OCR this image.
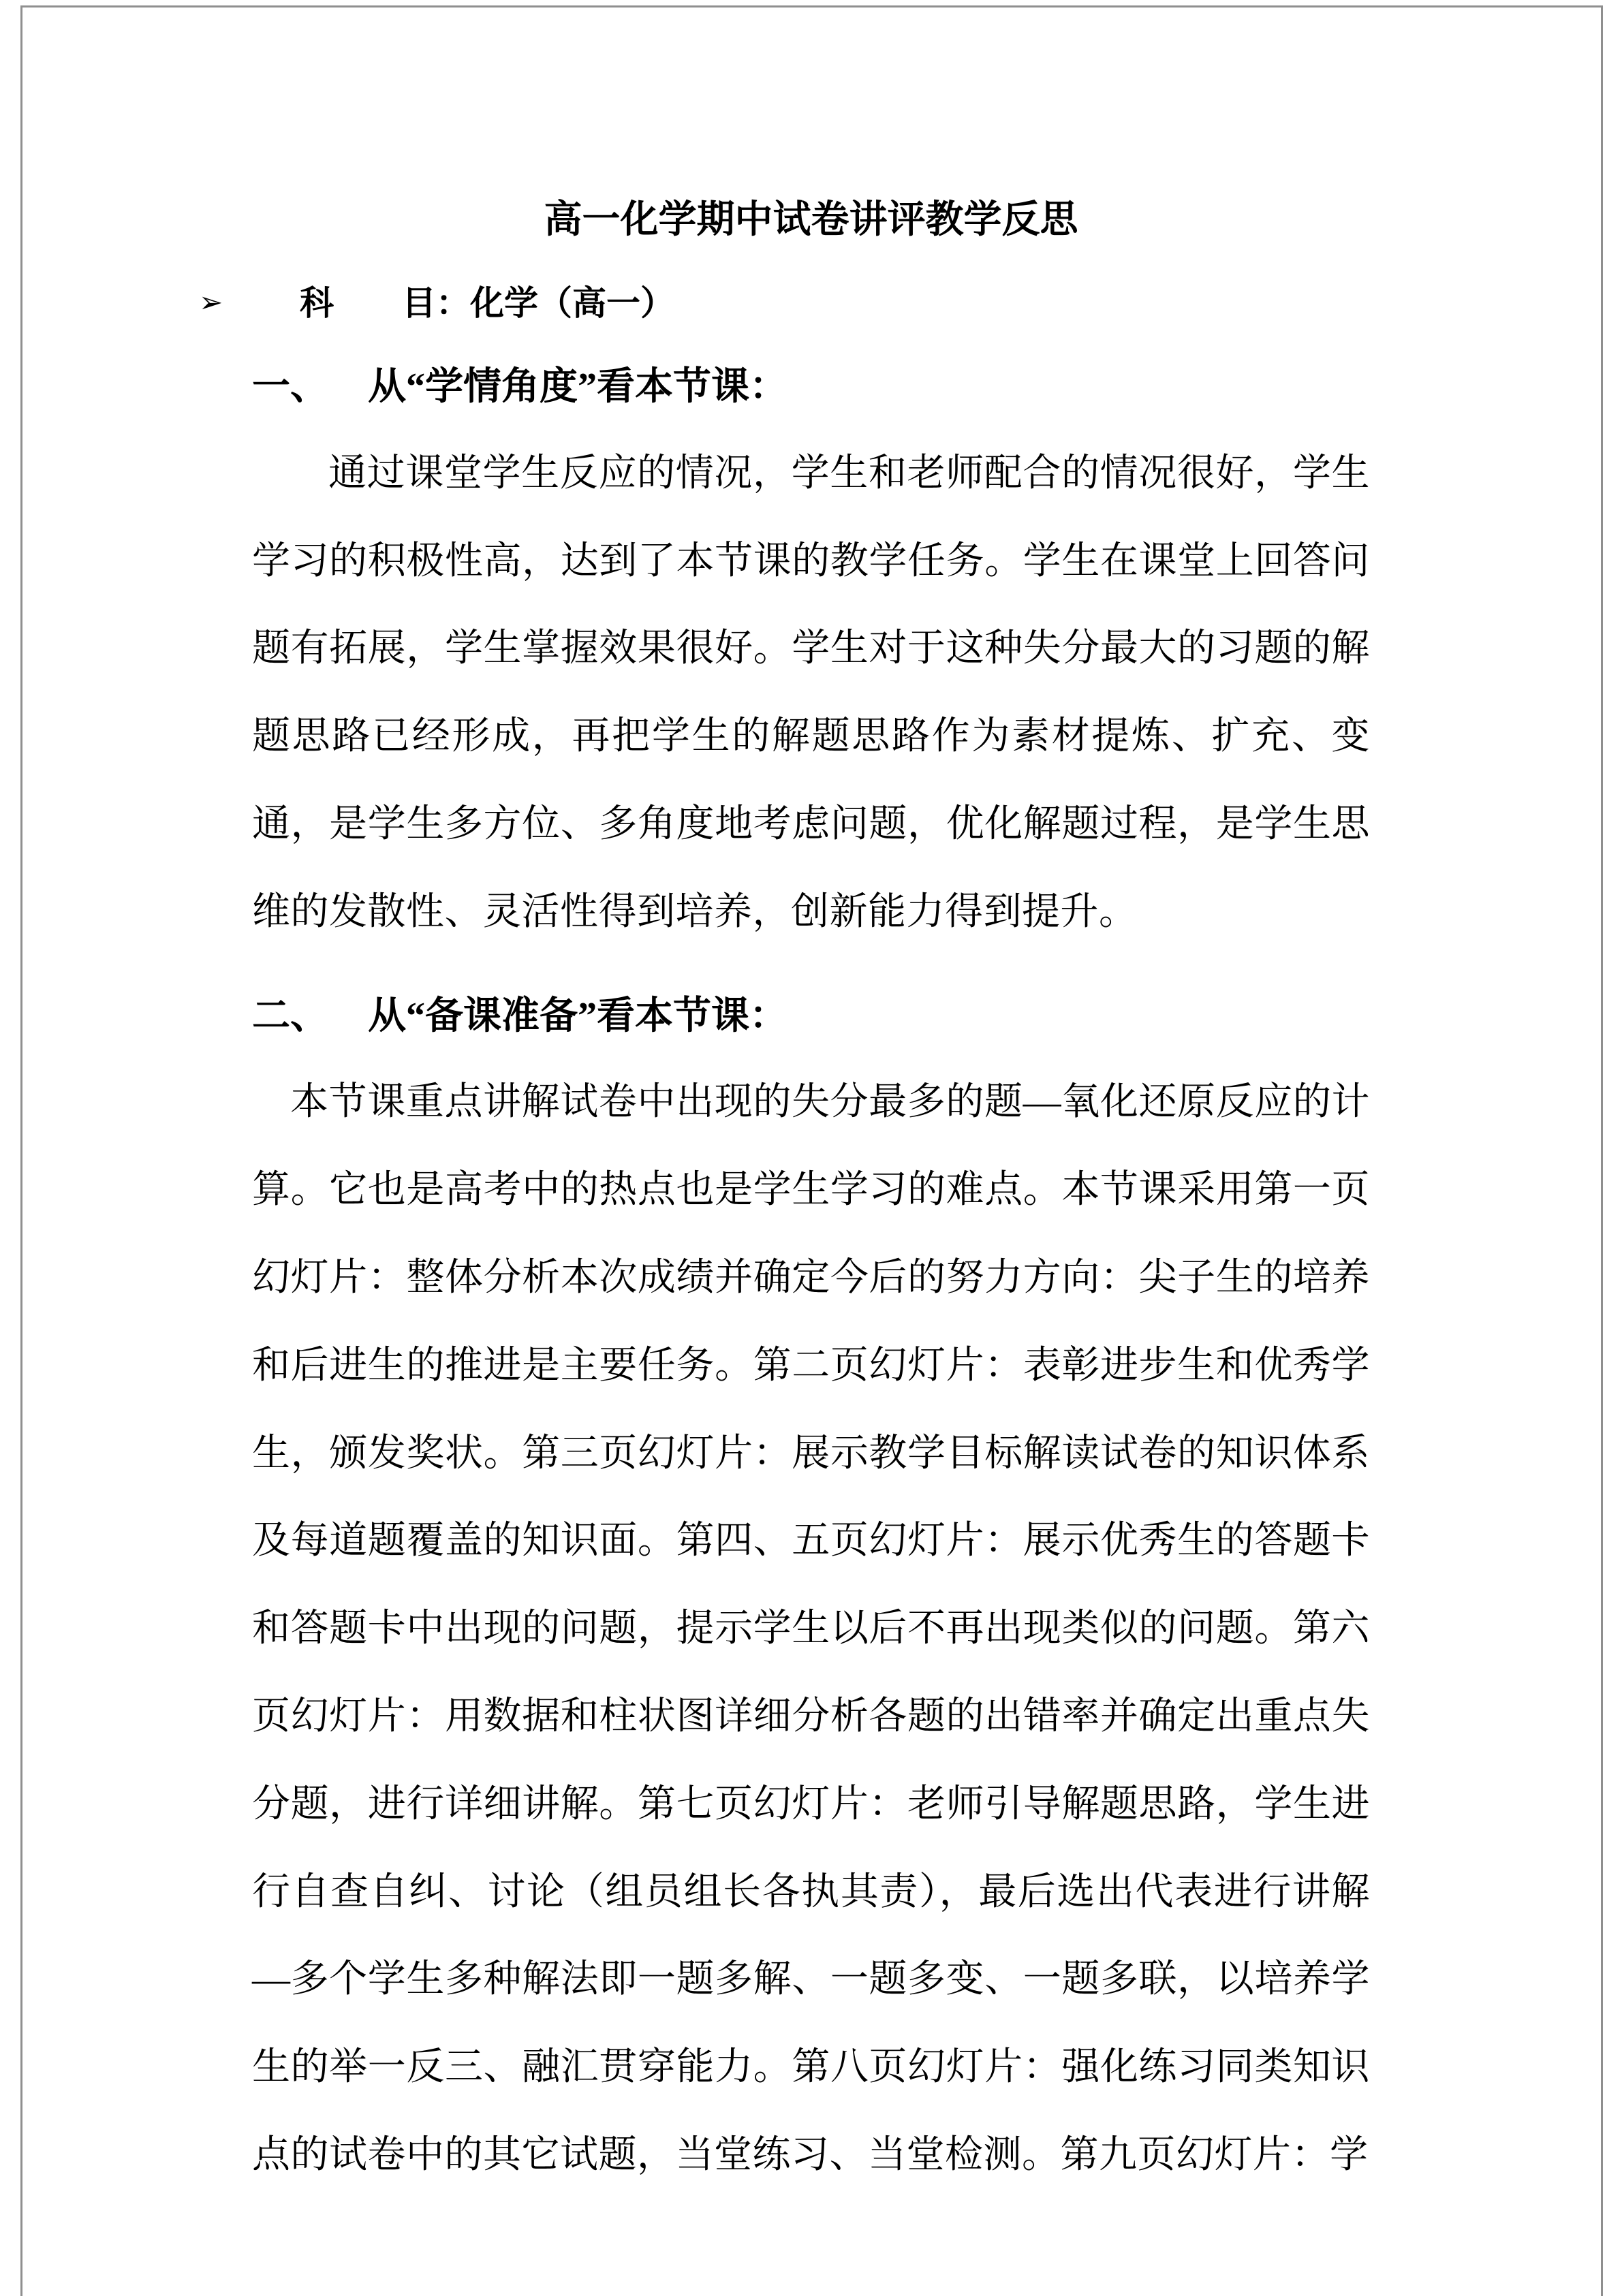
高一化学期中试卷讲评教学反思
➢	科　　目：化学（高一）
一、 从“学情角度”看本节课：

通过课堂学生反应的情况，学生和老师配合的情况很好，学生学习的积极性高，达到了本节课的教学任务。学生在课堂上回答问题有拓展，学生掌握效果很好。学生对于这种失分最大的习题的解题思路已经形成，再把学生的解题思路作为素材提炼、扩充、变通，是学生多方位、多角度地考虑问题，优化解题过程，是学生思维的发散性、灵活性得到培养，创新能力得到提升。

二、 从“备课准备”看本节课：

本节课重点讲解试卷中出现的失分最多的题—氧化还原反应的计算。它也是高考中的热点也是学生学习的难点。本节课采用第一页幻灯片：整体分析本次成绩并确定今后的努力方向：尖子生的培养和后进生的推进是主要任务。第二页幻灯片：表彰进步生和优秀学生，颁发奖状。第三页幻灯片：展示教学目标解读试卷的知识体系及每道题覆盖的知识面。第四、五页幻灯片：展示优秀生的答题卡和答题卡中出现的问题，提示学生以后不再出现类似的问题。第六页幻灯片：用数据和柱状图详细分析各题的出错率并确定出重点失分题，进行详细讲解。第七页幻灯片：老师引导解题思路，学生进行自查自纠、讨论（组员组长各执其责），最后选出代表进行讲解—多个学生多种解法即一题多解、一题多变、一题多联，以培养学生的举一反三、融汇贯穿能力。第八页幻灯片：强化练习同类知识点的试卷中的其它试题，当堂练习、当堂检测。第九页幻灯片：学
